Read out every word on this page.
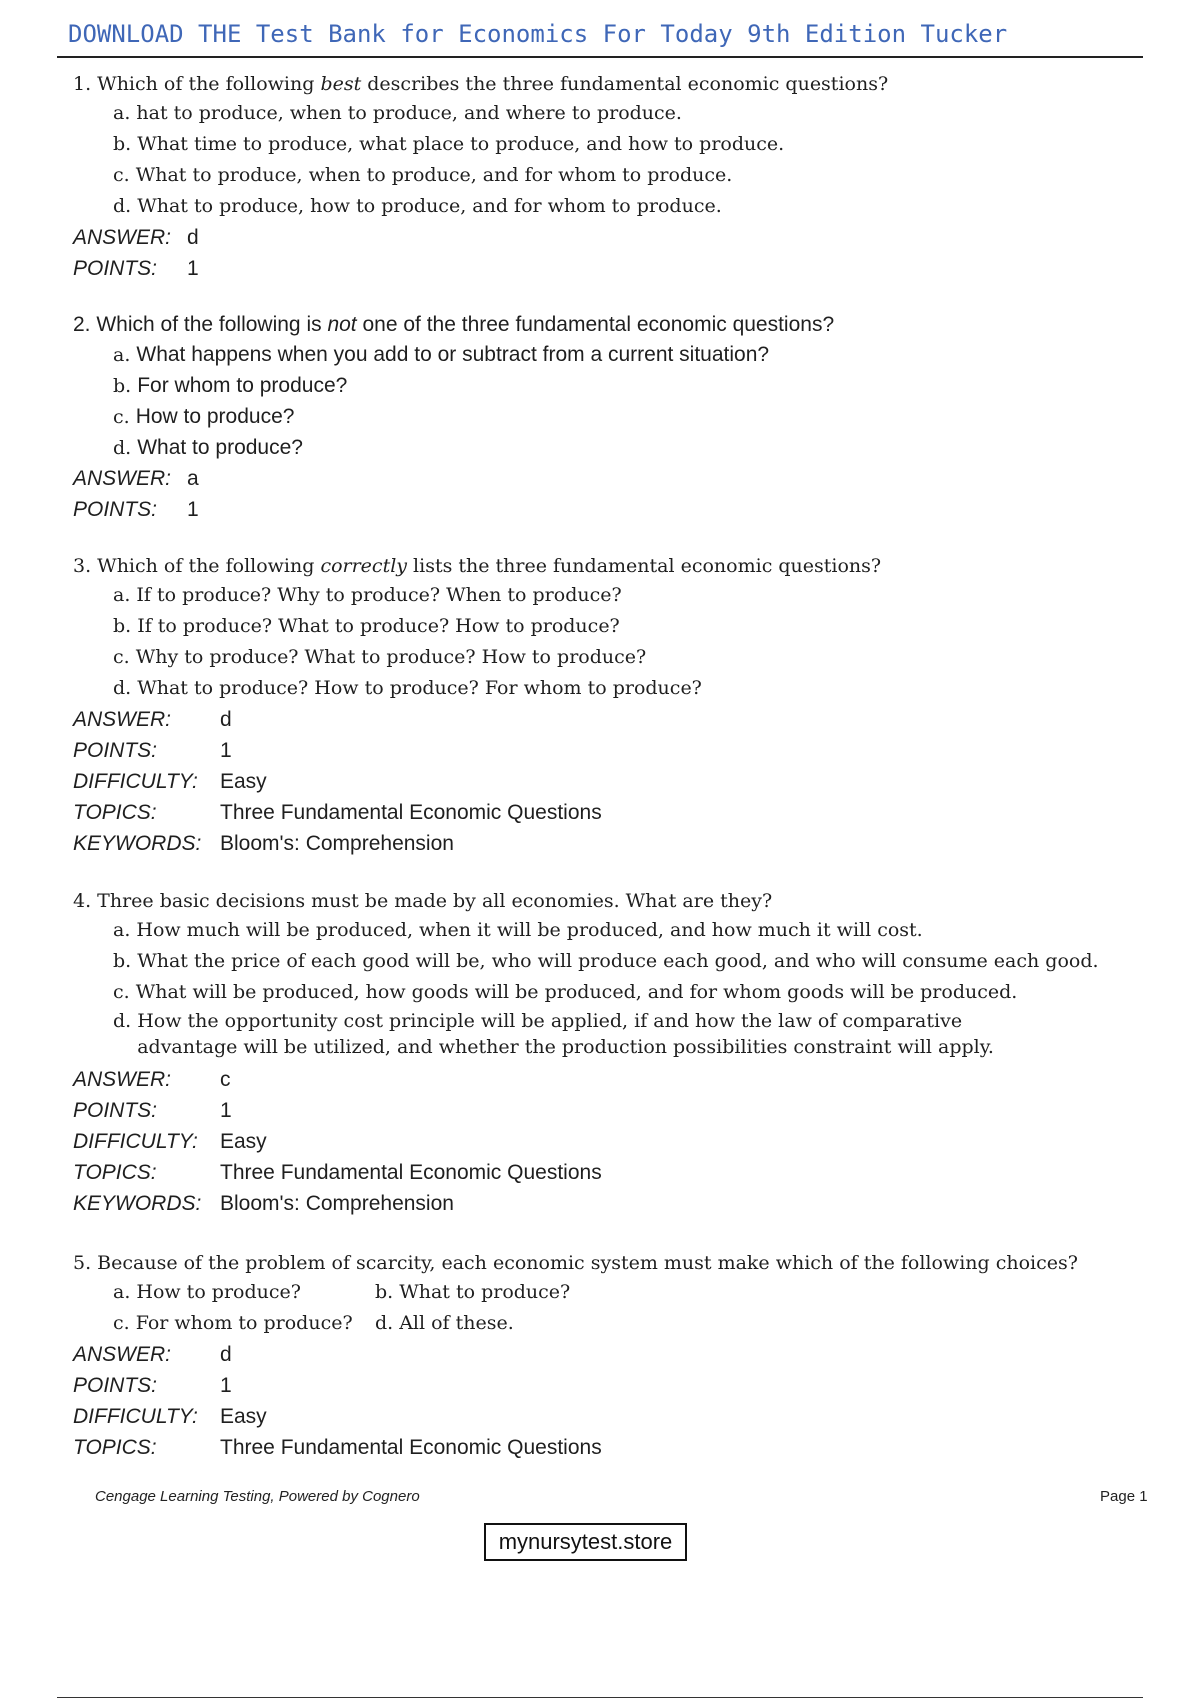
DOWNLOAD THE Test Bank for Economics For Today 9th Edition Tucker
1. Which of the following best describes the three fundamental economic questions?
a. hat to produce, when to produce, and where to produce.
b. What time to produce, what place to produce, and how to produce.
c. What to produce, when to produce, and for whom to produce.
d. What to produce, how to produce, and for whom to produce.
ANSWER: d
POINTS:	1
2. Which of the following is not one of the three fundamental economic questions?
a. What happens when you add to or subtract from a current situation?
b. For whom to produce?
c. How to produce?
d. What to produce?
ANSWER: a
POINTS:	1
3. Which of the following correctly lists the three fundamental economic questions?
a. If to produce? Why to produce? When to produce?
b. If to produce? What to produce? How to produce?
c. Why to produce? What to produce? How to produce?
d. What to produce? How to produce? For whom to produce?
ANSWER:	d
POINTS:	1
DIFFICULTY:	Easy
TOPICS:	Three Fundamental Economic Questions
KEYWORDS: Bloom's: Comprehension
4. Three basic decisions must be made by all economies. What are they?
a. How much will be produced, when it will be produced, and how much it will cost.
b. What the price of each good will be, who will produce each good, and who will consume each good.
c. What will be produced, how goods will be produced, and for whom goods will be produced.
d. How the opportunity cost principle will be applied, if and how the law of comparative advantage will be utilized, and whether the production possibilities constraint will apply.
ANSWER:	c
POINTS:	1
DIFFICULTY:	Easy
TOPICS:	Three Fundamental Economic Questions
KEYWORDS: Bloom's: Comprehension
5. Because of the problem of scarcity, each economic system must make which of the following choices?
a. How to produce?	b. What to produce?
c. For whom to produce?	d. All of these.
ANSWER:	d
POINTS:	1
DIFFICULTY:	Easy
TOPICS:	Three Fundamental Economic Questions
Cengage Learning Testing, Powered by Cognero	Page 1
mynursytest.store
